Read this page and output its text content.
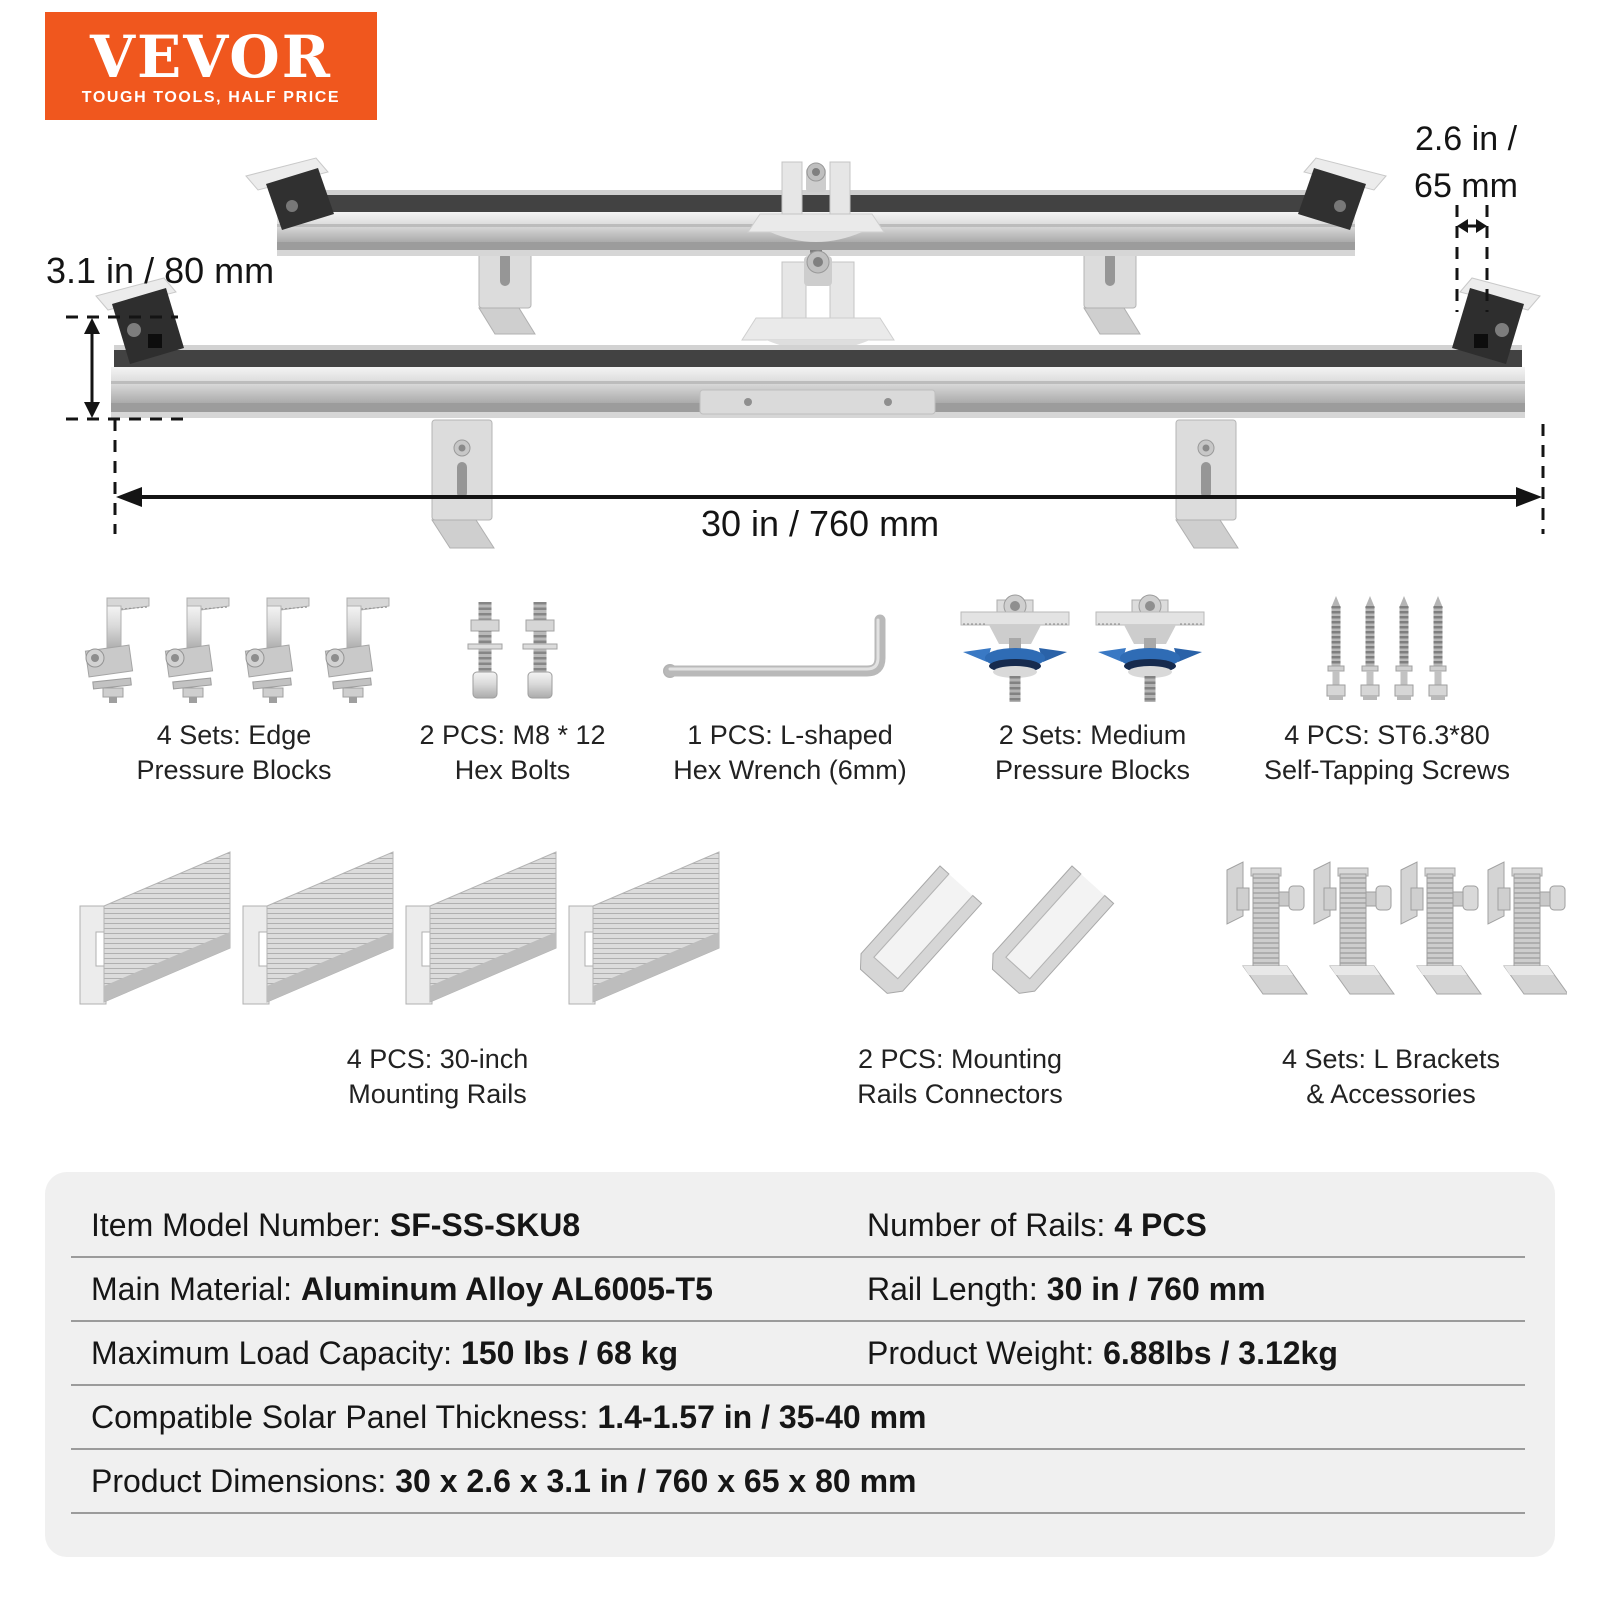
VEVOR
TOUGH TOOLS, HALF PRICE
3.1 in / 80 mm
2.6 in /
65 mm
30 in / 760 mm
4 Sets: Edge
Pressure Blocks
2 PCS: M8 * 12
Hex Bolts
1 PCS: L-shaped
Hex Wrench (6mm)
2 Sets: Medium
Pressure Blocks
4 PCS: ST6.3*80
Self-Tapping Screws
4 PCS: 30-inch
Mounting Rails
2 PCS: Mounting
Rails Connectors
4 Sets: L Brackets
& Accessories
Item Model Number: SF-SS-SKU8	Number of Rails: 4 PCS
Main Material: Aluminum Alloy AL6005-T5	Rail Length: 30 in / 760 mm
Maximum Load Capacity: 150 lbs / 68 kg	Product Weight: 6.88lbs / 3.12kg
Compatible Solar Panel Thickness: 1.4-1.57 in / 35-40 mm
Product Dimensions: 30 x 2.6 x 3.1 in / 760 x 65 x 80 mm
